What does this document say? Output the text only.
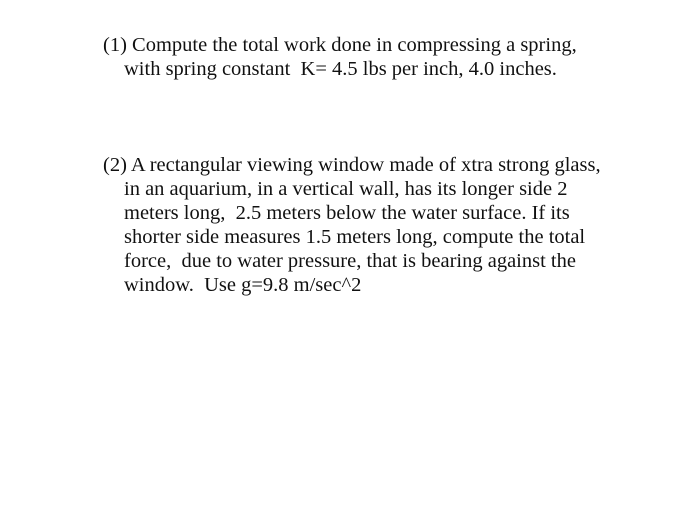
(1) Compute the total work done in compressing a spring,
with spring constant  K= 4.5 lbs per inch, 4.0 inches.
(2) A rectangular viewing window made of xtra strong glass,
in an aquarium, in a vertical wall, has its longer side 2
meters long,  2.5 meters below the water surface. If its
shorter side measures 1.5 meters long, compute the total
force,  due to water pressure, that is bearing against the
window.  Use g=9.8 m/sec^2
